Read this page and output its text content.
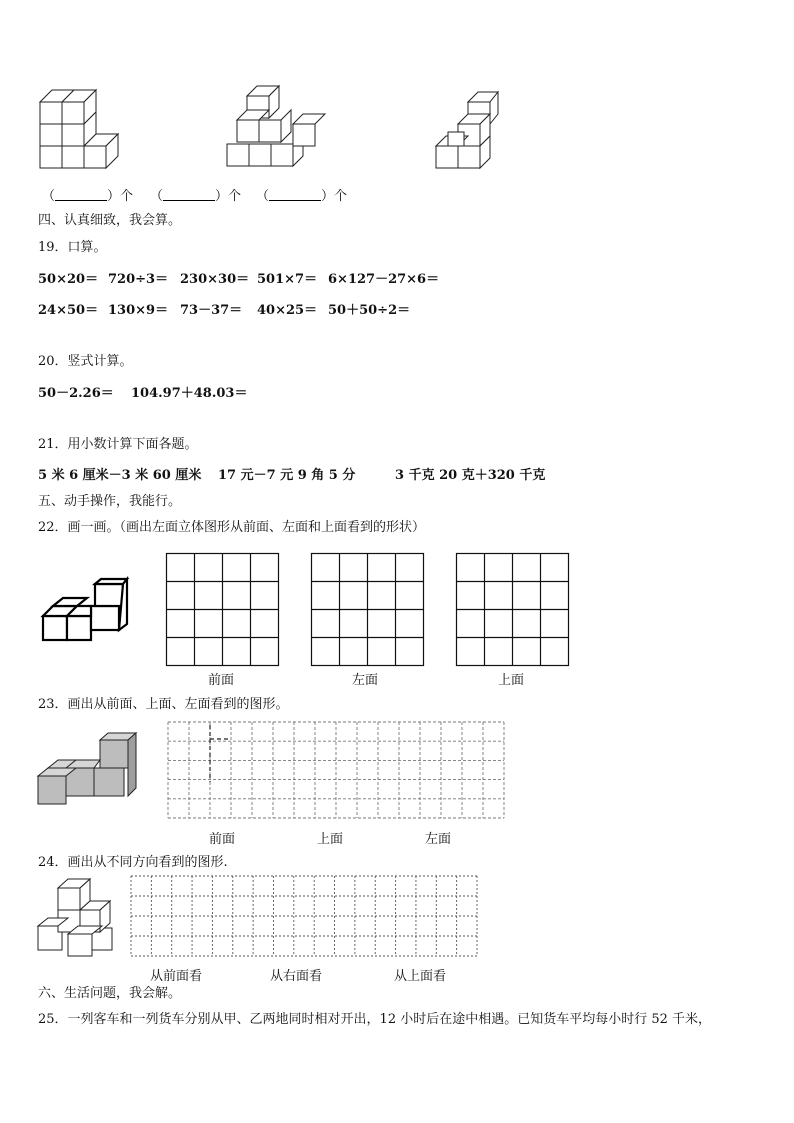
（	）个 （	）个 （	）个
四、认真细致，我会算。
19．口算。
50×20＝ 720÷3＝ 230×30＝ 501×7＝ 6×127－27×6＝
24×50＝ 130×9＝ 73－37＝ 40×25＝ 50＋50÷2＝
20．竖式计算。
50－2.26＝ 104.97＋48.03＝
21．用小数计算下面各题。
5 米 6 厘米－3 米 60 厘米 17 元－7 元 9 角 5 分	3 千克 20 克＋320 千克
五、动手操作，我能行。
22．画一画。（画出左面立体图形从前面、左面和上面看到的形状）
前面	左面	上面
23．画出从前面、上面、左面看到的图形。
前面	上面	左面
24．画出从不同方向看到的图形.
从前面看	从右面看	从上面看
六、生活问题，我会解。
25．一列客车和一列货车分别从甲、乙两地同时相对开出，12 小时后在途中相遇。已知货车平均每小时行 52 千米，
